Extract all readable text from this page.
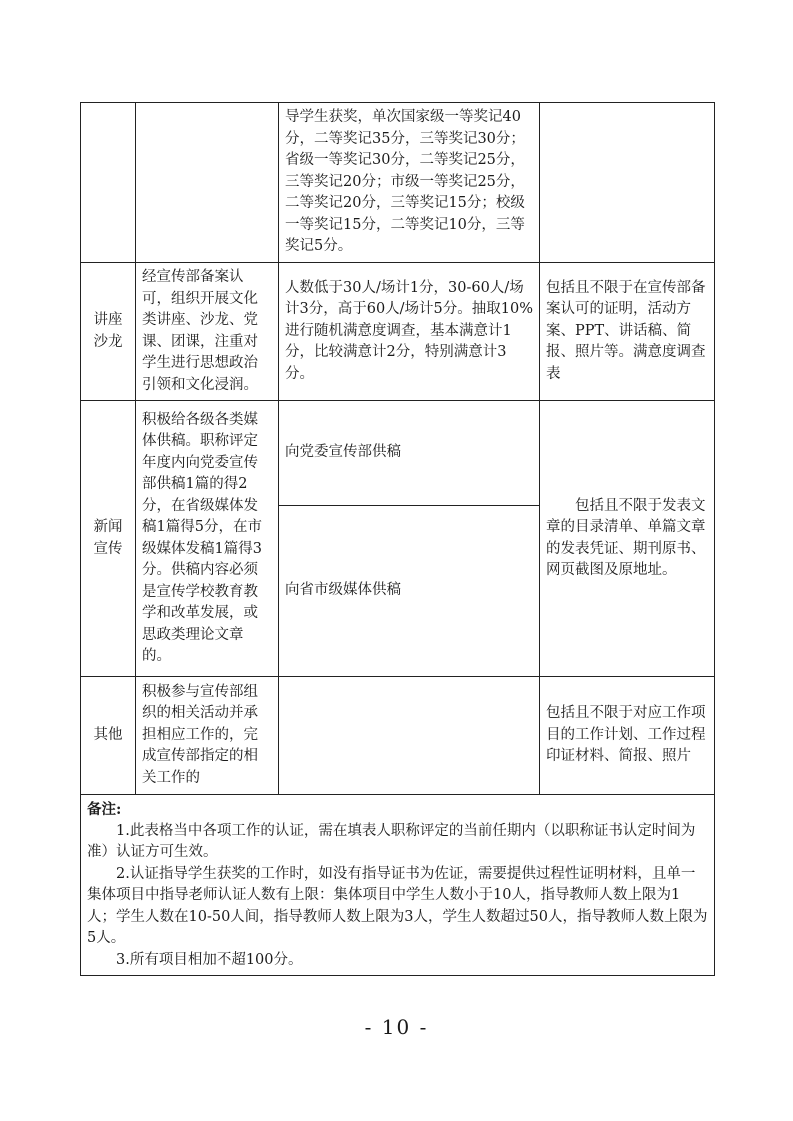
		导学生获奖，单次国家级一等奖记40分，二等奖记35分，三等奖记30分；省级一等奖记30分，二等奖记25分，三等奖记20分；市级一等奖记25分，二等奖记20分，三等奖记15分；校级一等奖记15分，二等奖记10分，三等奖记5分。	
讲座沙龙	经宣传部备案认可，组织开展文化类讲座、沙龙、党课、团课，注重对学生进行思想政治引领和文化浸润。	人数低于30人/场计1分，30-60人/场计3分，高于60人/场计5分。抽取10%进行随机满意度调查，基本满意计1分，比较满意计2分，特别满意计3分。	包括且不限于在宣传部备案认可的证明，活动方案、PPT、讲话稿、简报、照片等。满意度调查表
新闻宣传	积极给各级各类媒体供稿。职称评定年度内向党委宣传部供稿1篇的得2分，在省级媒体发稿1篇得5分，在市级媒体发稿1篇得3分。供稿内容必须是宣传学校教育教学和改革发展，或思政类理论文章的。	向党委宣传部供稿	包括且不限于发表文章的目录清单、单篇文章的发表凭证、期刊原书、网页截图及原地址。
		向省市级媒体供稿	
其他	积极参与宣传部组织的相关活动并承担相应工作的，完成宣传部指定的相关工作的		包括且不限于对应工作项目的工作计划、工作过程印证材料、简报、照片

备注:

1.此表格当中各项工作的认证，需在填表人职称评定的当前任期内（以职称证书认定时间为准）认证方可生效。

2.认证指导学生获奖的工作时，如没有指导证书为佐证，需要提供过程性证明材料，且单一集体项目中指导老师认证人数有上限：集体项目中学生人数小于10人，指导教师人数上限为1人；学生人数在10-50人间，指导教师人数上限为3人，学生人数超过50人，指导教师人数上限为5人。

3.所有项目相加不超100分。			

- 10 -
